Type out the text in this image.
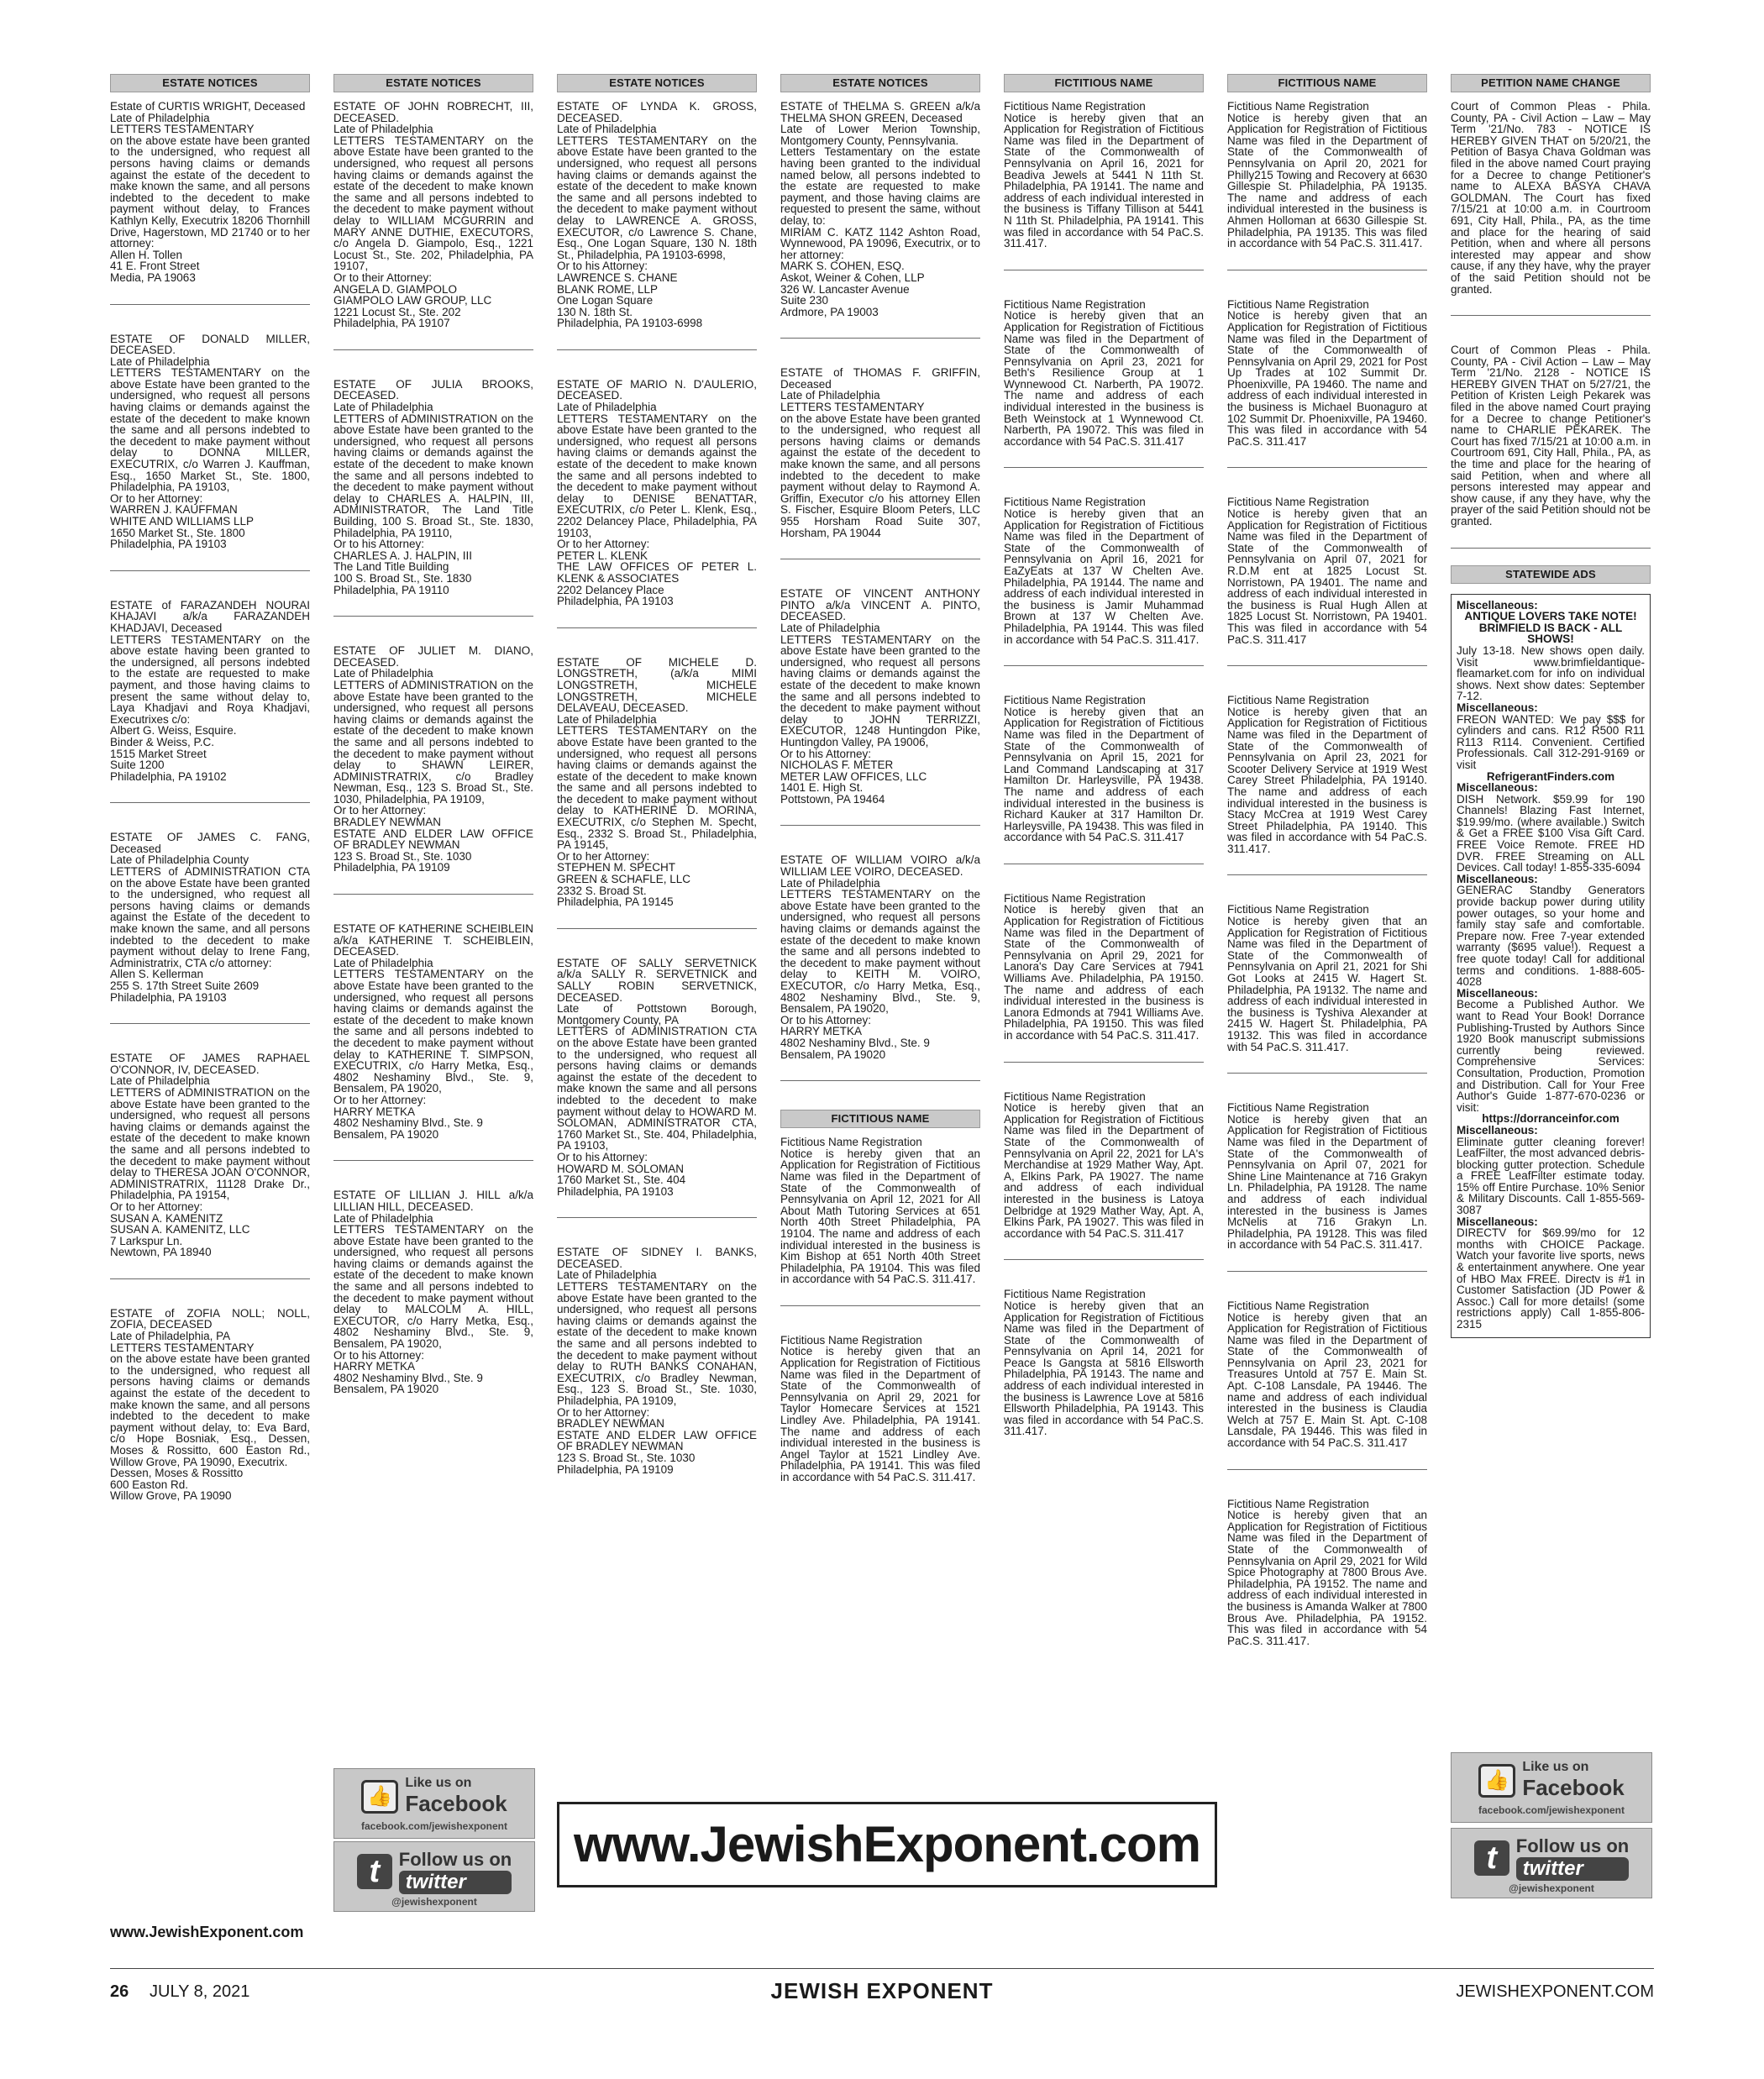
ESTATE NOTICES
Estate of CURTIS WRIGHT, Deceased
Late of Philadelphia
LETTERS TESTAMENTARY
on the above estate have been granted to the undersigned, who request all persons having claims or demands against the estate of the decedent to make known the same, and all persons indebted to the decedent to make payment without delay, to Frances Kathlyn Kelly, Executrix 18206 Thornhill Drive, Hagerstown, MD 21740 or to her attorney:
Allen H. Tollen
41 E. Front Street
Media, PA 19063
ESTATE OF DONALD MILLER, DECEASED.
Late of Philadelphia
LETTERS TESTAMENTARY on the above Estate have been granted to the undersigned, who request all persons having claims or demands against the estate of the decedent to make known the same and all persons indebted to the decedent to make payment without delay to DONNA MILLER, EXECUTRIX, c/o Warren J. Kauffman, Esq., 1650 Market St., Ste. 1800, Philadelphia, PA 19103,
Or to her Attorney:
WARREN J. KAUFFMAN
WHITE AND WILLIAMS LLP
1650 Market St., Ste. 1800
Philadelphia, PA 19103
ESTATE of FARAZANDEH NOURAI KHAJAVI a/k/a FARAZANDEH KHADJAVI, Deceased
LETTERS TESTAMENTARY on the above estate having been granted to the undersigned, all persons indebted to the estate are requested to make payment, and those having claims to present the same without delay to, Laya Khadjavi and Roya Khadjavi, Executrixes c/o:
Albert G. Weiss, Esquire.
Binder & Weiss, P.C.
1515 Market Street
Suite 1200
Philadelphia, PA 19102
ESTATE OF JAMES C. FANG, Deceased
Late of Philadelphia County
LETTERS of ADMINISTRATION CTA on the above Estate have been granted to the undersigned, who request all persons having claims or demands against the Estate of the decedent to make known the same, and all persons indebted to the decedent to make payment without delay to Irene Fang, Administratrix, CTA c/o attorney:
Allen S. Kellerman
255 S. 17th Street Suite 2609
Philadelphia, PA 19103
ESTATE OF JAMES RAPHAEL O'CONNOR, IV, DECEASED.
Late of Philadelphia
LETTERS of ADMINISTRATION on the above Estate have been granted to the undersigned, who request all persons having claims or demands against the estate of the decedent to make known the same and all persons indebted to the decedent to make payment without delay to THERESA JOAN O'CONNOR, ADMINISTRATRIX, 11128 Drake Dr., Philadelphia, PA 19154,
Or to her Attorney:
SUSAN A. KAMENITZ
SUSAN A. KAMENITZ, LLC
7 Larkspur Ln.
Newtown, PA 18940
ESTATE of ZOFIA NOLL; NOLL, ZOFIA, DECEASED
Late of Philadelphia, PA
LETTERS TESTAMENTARY
on the above estate have been granted to the undersigned, who request all persons having claims or demands against the estate of the decedent to make known the same, and all persons indebted to the decedent to make payment without delay, to: Eva Bard, c/o Hope Bosniak, Esq., Dessen, Moses & Rossitto, 600 Easton Rd., Willow Grove, PA 19090, Executrix.
Dessen, Moses & Rossitto
600 Easton Rd.
Willow Grove, PA 19090
ESTATE NOTICES
ESTATE OF JOHN ROBRECHT, III, DECEASED.
Late of Philadelphia
LETTERS TESTAMENTARY on the above Estate have been granted to the undersigned, who request all persons having claims or demands against the estate of the decedent to make known the same and all persons indebted to the decedent to make payment without delay to WILLIAM MCGURRIN and MARY ANNE DUTHIE, EXECUTORS, c/o Angela D. Giampolo, Esq., 1221 Locust St., Ste. 202, Philadelphia, PA 19107,
Or to their Attorney:
ANGELA D. GIAMPOLO
GIAMPOLO LAW GROUP, LLC
1221 Locust St., Ste. 202
Philadelphia, PA 19107
ESTATE OF JULIA BROOKS, DECEASED.
Late of Philadelphia
LETTERS of ADMINISTRATION on the above Estate have been granted to the undersigned, who request all persons having claims or demands against the estate of the decedent to make known the same and all persons indebted to the decedent to make payment without delay to CHARLES A. HALPIN, III, ADMINISTRATOR, The Land Title Building, 100 S. Broad St., Ste. 1830, Philadelphia, PA 19110,
Or to his Attorney:
CHARLES A. J. HALPIN, III
The Land Title Building
100 S. Broad St., Ste. 1830
Philadelphia, PA 19110
ESTATE OF JULIET M. DIANO, DECEASED.
Late of Philadelphia
LETTERS of ADMINISTRATION on the above Estate have been granted to the undersigned, who request all persons having claims or demands against the estate of the decedent to make known the same and all persons indebted to the decedent to make payment without delay to SHAWN LEIRER, ADMINISTRATRIX, c/o Bradley Newman, Esq., 123 S. Broad St., Ste. 1030, Philadelphia, PA 19109,
Or to her Attorney:
BRADLEY NEWMAN
ESTATE AND ELDER LAW OFFICE OF BRADLEY NEWMAN
123 S. Broad St., Ste. 1030
Philadelphia, PA 19109
ESTATE OF KATHERINE SCHEIBLEIN a/k/a KATHERINE T. SCHEIBLEIN, DECEASED.
Late of Philadelphia
LETTERS TESTAMENTARY on the above Estate have been granted to the undersigned, who request all persons having claims or demands against the estate of the decedent to make known the same and all persons indebted to the decedent to make payment without delay to KATHERINE T. SIMPSON, EXECUTRIX, c/o Harry Metka, Esq., 4802 Neshaminy Blvd., Ste. 9, Bensalem, PA 19020,
Or to her Attorney:
HARRY METKA
4802 Neshaminy Blvd., Ste. 9
Bensalem, PA 19020
ESTATE OF LILLIAN J. HILL a/k/a LILLIAN HILL, DECEASED.
Late of Philadelphia
LETTERS TESTAMENTARY on the above Estate have been granted to the undersigned, who request all persons having claims or demands against the estate of the decedent to make known the same and all persons indebted to the decedent to make payment without delay to MALCOLM A. HILL, EXECUTOR, c/o Harry Metka, Esq., 4802 Neshaminy Blvd., Ste. 9, Bensalem, PA 19020,
Or to his Attorney:
HARRY METKA
4802 Neshaminy Blvd., Ste. 9
Bensalem, PA 19020
ESTATE NOTICES
ESTATE OF LYNDA K. GROSS, DECEASED.
Late of Philadelphia
LETTERS TESTAMENTARY on the above Estate have been granted to the undersigned, who request all persons having claims or demands against the estate of the decedent to make known the same and all persons indebted to the decedent to make payment without delay to LAWRENCE A. GROSS, EXECUTOR, c/o Lawrence S. Chane, Esq., One Logan Square, 130 N. 18th St., Philadelphia, PA 19103-6998,
Or to his Attorney:
LAWRENCE S. CHANE
BLANK ROME, LLP
One Logan Square
130 N. 18th St.
Philadelphia, PA 19103-6998
ESTATE OF MARIO N. D'AULERIO, DECEASED.
Late of Philadelphia
LETTERS TESTAMENTARY on the above Estate have been granted to the undersigned, who request all persons having claims or demands against the estate of the decedent to make known the same and all persons indebted to the decedent to make payment without delay to DENISE BENATTAR, EXECUTRIX, c/o Peter L. Klenk, Esq., 2202 Delancey Place, Philadelphia, PA 19103,
Or to her Attorney:
PETER L. KLENK
THE LAW OFFICES OF PETER L. KLENK & ASSOCIATES
2202 Delancey Place
Philadelphia, PA 19103
ESTATE OF MICHELE D. LONGSTRETH, (a/k/a MIMI LONGSTRETH, MICHELE LONGSTRETH, MICHELE DELAVEAU, DECEASED.
Late of Philadelphia
LETTERS TESTAMENTARY on the above Estate have been granted to the undersigned, who request all persons having claims or demands against the estate of the decedent to make known the same and all persons indebted to the decedent to make payment without delay to KATHERINE D. MORINA, EXECUTRIX, c/o Stephen M. Specht, Esq., 2332 S. Broad St., Philadelphia, PA 19145,
Or to her Attorney:
STEPHEN M. SPECHT
GREEN & SCHAFLE, LLC
2332 S. Broad St.
Philadelphia, PA 19145
ESTATE OF SALLY SERVETNICK a/k/a SALLY R. SERVETNICK and SALLY ROBIN SERVETNICK, DECEASED.
Late of Pottstown Borough, Montgomery County, PA
LETTERS of ADMINISTRATION CTA on the above Estate have been granted to the undersigned, who request all persons having claims or demands against the estate of the decedent to make known the same and all persons indebted to the decedent to make payment without delay to HOWARD M. SOLOMAN, ADMINISTRATOR CTA, 1760 Market St., Ste. 404, Philadelphia, PA 19103,
Or to his Attorney:
HOWARD M. SOLOMAN
1760 Market St., Ste. 404
Philadelphia, PA 19103
ESTATE OF SIDNEY I. BANKS, DECEASED.
Late of Philadelphia
LETTERS TESTAMENTARY on the above Estate have been granted to the undersigned, who request all persons having claims or demands against the estate of the decedent to make known the same and all persons indebted to the decedent to make payment without delay to RUTH BANKS CONAHAN, EXECUTRIX, c/o Bradley Newman, Esq., 123 S. Broad St., Ste. 1030, Philadelphia, PA 19109,
Or to her Attorney:
BRADLEY NEWMAN
ESTATE AND ELDER LAW OFFICE OF BRADLEY NEWMAN
123 S. Broad St., Ste. 1030
Philadelphia, PA 19109
ESTATE NOTICES
ESTATE of THELMA S. GREEN a/k/a THELMA SHON GREEN, Deceased
Late of Lower Merion Township, Montgomery County, Pennsylvania.
Letters Testamentary on the estate having been granted to the individual named below, all persons indebted to the estate are requested to make payment, and those having claims are requested to present the same, without delay, to:
MIRIAM C. KATZ 1142 Ashton Road, Wynnewood, PA 19096, Executrix, or to her attorney:
MARK S. COHEN, ESQ.
Askot, Weiner & Cohen, LLP
326 W. Lancaster Avenue
Suite 230
Ardmore, PA 19003
ESTATE of THOMAS F. GRIFFIN, Deceased
Late of Philadelphia
LETTERS TESTAMENTARY
on the above Estate have been granted to the undersigned, who request all persons having claims or demands against the estate of the decedent to make known the same, and all persons indebted to the decedent to make payment without delay to Raymond A. Griffin, Executor c/o his attorney Ellen S. Fischer, Esquire Bloom Peters, LLC 955 Horsham Road Suite 307, Horsham, PA 19044
ESTATE OF VINCENT ANTHONY PINTO a/k/a VINCENT A. PINTO, DECEASED.
Late of Philadelphia
LETTERS TESTAMENTARY on the above Estate have been granted to the undersigned, who request all persons having claims or demands against the estate of the decedent to make known the same and all persons indebted to the decedent to make payment without delay to JOHN TERRIZZI, EXECUTOR, 1248 Huntingdon Pike, Huntingdon Valley, PA 19006,
Or to his Attorney:
NICHOLAS F. METER
METER LAW OFFICES, LLC
1401 E. High St.
Pottstown, PA 19464
ESTATE OF WILLIAM VOIRO a/k/a WILLIAM LEE VOIRO, DECEASED.
Late of Philadelphia
LETTERS TESTAMENTARY on the above Estate have been granted to the undersigned, who request all persons having claims or demands against the estate of the decedent to make known the same and all persons indebted to the decedent to make payment without delay to KEITH M. VOIRO, EXECUTOR, c/o Harry Metka, Esq., 4802 Neshaminy Blvd., Ste. 9, Bensalem, PA 19020,
Or to his Attorney:
HARRY METKA
4802 Neshaminy Blvd., Ste. 9
Bensalem, PA 19020
FICTITIOUS NAME
Fictitious Name Registration
Notice is hereby given that an Application for Registration of Fictitious Name was filed in the Department of State of the Commonwealth of Pennsylvania on April 12, 2021 for All About Math Tutoring Services at 651 North 40th Street Philadelphia, PA 19104. The name and address of each individual interested in the business is Kim Bishop at 651 North 40th Street Philadelphia, PA 19104. This was filed in accordance with 54 PaC.S. 311.417.
Fictitious Name Registration
Notice is hereby given that an Application for Registration of Fictitious Name was filed in the Department of State of the Commonwealth of Pennsylvania on April 29, 2021 for Taylor Homecare Services at 1521 Lindley Ave. Philadelphia, PA 19141. The name and address of each individual interested in the business is Angel Taylor at 1521 Lindley Ave. Philadelphia, PA 19141. This was filed in accordance with 54 PaC.S. 311.417.
FICTITIOUS NAME
Fictitious Name Registration
Notice is hereby given that an Application for Registration of Fictitious Name was filed in the Department of State of the Commonwealth of Pennsylvania on April 16, 2021 for Beadiva Jewels at 5441 N 11th St. Philadelphia, PA 19141. The name and address of each individual interested in the business is Tiffany Tillison at 5441 N 11th St. Philadelphia, PA 19141. This was filed in accordance with 54 PaC.S. 311.417.
Fictitious Name Registration
Notice is hereby given that an Application for Registration of Fictitious Name was filed in the Department of State of the Commonwealth of Pennsylvania on April 23, 2021 for Beth's Resilience Group at 1 Wynnewood Ct. Narberth, PA 19072. The name and address of each individual interested in the business is Beth Weinstock at 1 Wynnewood Ct. Narberth, PA 19072. This was filed in accordance with 54 PaC.S. 311.417
Fictitious Name Registration
Notice is hereby given that an Application for Registration of Fictitious Name was filed in the Department of State of the Commonwealth of Pennsylvania on April 16, 2021 for EaZyEats at 137 W Chelten Ave. Philadelphia, PA 19144. The name and address of each individual interested in the business is Jamir Muhammad Brown at 137 W Chelten Ave. Philadelphia, PA 19144. This was filed in accordance with 54 PaC.S. 311.417.
Fictitious Name Registration
Notice is hereby given that an Application for Registration of Fictitious Name was filed in the Department of State of the Commonwealth of Pennsylvania on April 15, 2021 for Land Command Landscaping at 317 Hamilton Dr. Harleysville, PA 19438. The name and address of each individual interested in the business is Richard Kauker at 317 Hamilton Dr. Harleysville, PA 19438. This was filed in accordance with 54 PaC.S. 311.417
Fictitious Name Registration
Notice is hereby given that an Application for Registration of Fictitious Name was filed in the Department of State of the Commonwealth of Pennsylvania on April 29, 2021 for Lanora's Day Care Services at 7941 Williams Ave. Philadelphia, PA 19150. The name and address of each individual interested in the business is Lanora Edmonds at 7941 Williams Ave. Philadelphia, PA 19150. This was filed in accordance with 54 PaC.S. 311.417.
Fictitious Name Registration
Notice is hereby given that an Application for Registration of Fictitious Name was filed in the Department of State of the Commonwealth of Pennsylvania on April 22, 2021 for LA's Merchandise at 1929 Mather Way, Apt. A, Elkins Park, PA 19027. The name and address of each individual interested in the business is Latoya Delbridge at 1929 Mather Way, Apt. A, Elkins Park, PA 19027. This was filed in accordance with 54 PaC.S. 311.417
Fictitious Name Registration
Notice is hereby given that an Application for Registration of Fictitious Name was filed in the Department of State of the Commonwealth of Pennsylvania on April 14, 2021 for Peace Is Gangsta at 5816 Ellsworth Philadelphia, PA 19143. The name and address of each individual interested in the business is Lawrence Love at 5816 Ellsworth Philadelphia, PA 19143. This was filed in accordance with 54 PaC.S. 311.417.
FICTITIOUS NAME
Fictitious Name Registration
Notice is hereby given that an Application for Registration of Fictitious Name was filed in the Department of State of the Commonwealth of Pennsylvania on April 20, 2021 for Philly215 Towing and Recovery at 6630 Gillespie St. Philadelphia, PA 19135. The name and address of each individual interested in the business is Ahmen Holloman at 6630 Gillespie St. Philadelphia, PA 19135. This was filed in accordance with 54 PaC.S. 311.417.
Fictitious Name Registration
Notice is hereby given that an Application for Registration of Fictitious Name was filed in the Department of State of the Commonwealth of Pennsylvania on April 29, 2021 for Post Up Trades at 102 Summit Dr. Phoenixville, PA 19460. The name and address of each individual interested in the business is Michael Buonaguro at 102 Summit Dr. Phoenixville, PA 19460. This was filed in accordance with 54 PaC.S. 311.417
Fictitious Name Registration
Notice is hereby given that an Application for Registration of Fictitious Name was filed in the Department of State of the Commonwealth of Pennsylvania on April 07, 2021 for R.D.M ent at 1825 Locust St. Norristown, PA 19401. The name and address of each individual interested in the business is Rual Hugh Allen at 1825 Locust St. Norristown, PA 19401. This was filed in accordance with 54 PaC.S. 311.417
Fictitious Name Registration
Notice is hereby given that an Application for Registration of Fictitious Name was filed in the Department of State of the Commonwealth of Pennsylvania on April 23, 2021 for Scooter Delivery Service at 1919 West Carey Street Philadelphia, PA 19140. The name and address of each individual interested in the business is Stacy McCrea at 1919 West Carey Street Philadelphia, PA 19140. This was filed in accordance with 54 PaC.S. 311.417.
Fictitious Name Registration
Notice is hereby given that an Application for Registration of Fictitious Name was filed in the Department of State of the Commonwealth of Pennsylvania on April 21, 2021 for Shi Got Looks at 2415 W. Hagert St. Philadelphia, PA 19132. The name and address of each individual interested in the business is Tyshiva Alexander at 2415 W. Hagert St. Philadelphia, PA 19132. This was filed in accordance with 54 PaC.S. 311.417.
Fictitious Name Registration
Notice is hereby given that an Application for Registration of Fictitious Name was filed in the Department of State of the Commonwealth of Pennsylvania on April 07, 2021 for Shine Line Maintenance at 716 Grakyn Ln. Philadelphia, PA 19128. The name and address of each individual interested in the business is James McNelis at 716 Grakyn Ln. Philadelphia, PA 19128. This was filed in accordance with 54 PaC.S. 311.417.
Fictitious Name Registration
Notice is hereby given that an Application for Registration of Fictitious Name was filed in the Department of State of the Commonwealth of Pennsylvania on April 23, 2021 for Treasures Untold at 757 E. Main St. Apt. C-108 Lansdale, PA 19446. The name and address of each individual interested in the business is Claudia Welch at 757 E. Main St. Apt. C-108 Lansdale, PA 19446. This was filed in accordance with 54 PaC.S. 311.417
Fictitious Name Registration
Notice is hereby given that an Application for Registration of Fictitious Name was filed in the Department of State of the Commonwealth of Pennsylvania on April 29, 2021 for Wild Spice Photography at 7800 Brous Ave. Philadelphia, PA 19152. The name and address of each individual interested in the business is Amanda Walker at 7800 Brous Ave. Philadelphia, PA 19152. This was filed in accordance with 54 PaC.S. 311.417.
PETITION NAME CHANGE
Court of Common Pleas - Phila. County, PA - Civil Action – Law – May Term '21/No. 783 - NOTICE IS HEREBY GIVEN THAT on 5/20/21, the Petition of Basya Chava Goldman was filed in the above named Court praying for a Decree to change Petitioner's name to ALEXA BASYA CHAVA GOLDMAN. The Court has fixed 7/15/21 at 10:00 a.m. in Courtroom 691, City Hall, Phila., PA, as the time and place for the hearing of said Petition, when and where all persons interested may appear and show cause, if any they have, why the prayer of the said Petition should not be granted.
Court of Common Pleas - Phila. County, PA - Civil Action – Law – May Term '21/No. 2128 - NOTICE IS HEREBY GIVEN THAT on 5/27/21, the Petition of Kristen Leigh Pekarek was filed in the above named Court praying for a Decree to change Petitioner's name to CHARLIE PEKAREK. The Court has fixed 7/15/21 at 10:00 a.m. in Courtroom 691, City Hall, Phila., PA, as the time and place for the hearing of said Petition, when and where all persons interested may appear and show cause, if any they have, why the prayer of the said Petition should not be granted.
STATEWIDE ADS
Miscellaneous:
ANTIQUE LOVERS TAKE NOTE! BRIMFIELD IS BACK - ALL SHOWS!
July 13-18. New shows open daily. Visit www.brimfieldantique-fleamarket.com for info on individual shows. Next show dates: September 7-12.
Miscellaneous:
FREON WANTED: We pay $$$ for cylinders and cans. R12 R500 R11 R113 R114. Convenient. Certified Professionals. Call 312-291-9169 or visit
RefrigerantFinders.com
Miscellaneous:
DISH Network. $59.99 for 190 Channels! Blazing Fast Internet, $19.99/mo. (where available.) Switch & Get a FREE $100 Visa Gift Card. FREE Voice Remote. FREE HD DVR. FREE Streaming on ALL Devices. Call today! 1-855-335-6094
Miscellaneous:
GENERAC Standby Generators provide backup power during utility power outages, so your home and family stay safe and comfortable. Prepare now. Free 7-year extended warranty ($695 value!). Request a free quote today! Call for additional terms and conditions. 1-888-605-4028
Miscellaneous:
Become a Published Author. We want to Read Your Book! Dorrance Publishing-Trusted by Authors Since 1920 Book manuscript submissions currently being reviewed. Comprehensive Services: Consultation, Production, Promotion and Distribution. Call for Your Free Author's Guide 1-877-670-0236 or visit:
https://dorranceinfor.com
Miscellaneous:
Eliminate gutter cleaning forever! LeafFilter, the most advanced debris-blocking gutter protection. Schedule a FREE LeafFilter estimate today. 15% off Entire Purchase. 10% Senior & Military Discounts. Call 1-855-569-3087
Miscellaneous:
DIRECTV for $69.99/mo for 12 months with CHOICE Package. Watch your favorite live sports, news & entertainment anywhere. One year of HBO Max FREE. Directv is #1 in Customer Satisfaction (JD Power & Assoc.) Call for more details! (some restrictions apply) Call 1-855-806-2315
👍
Like us on
Facebook
facebook.com/jewishexponent
t	Follow us on
twitter
@jewishexponent
👍
Like us on
Facebook
facebook.com/jewishexponent
t	Follow us on
twitter
@jewishexponent
www.JewishExponent.com
www.JewishExponent.com
26 JULY 8, 2021	JEWISH EXPONENT	JEWISHEXPONENT.COM
